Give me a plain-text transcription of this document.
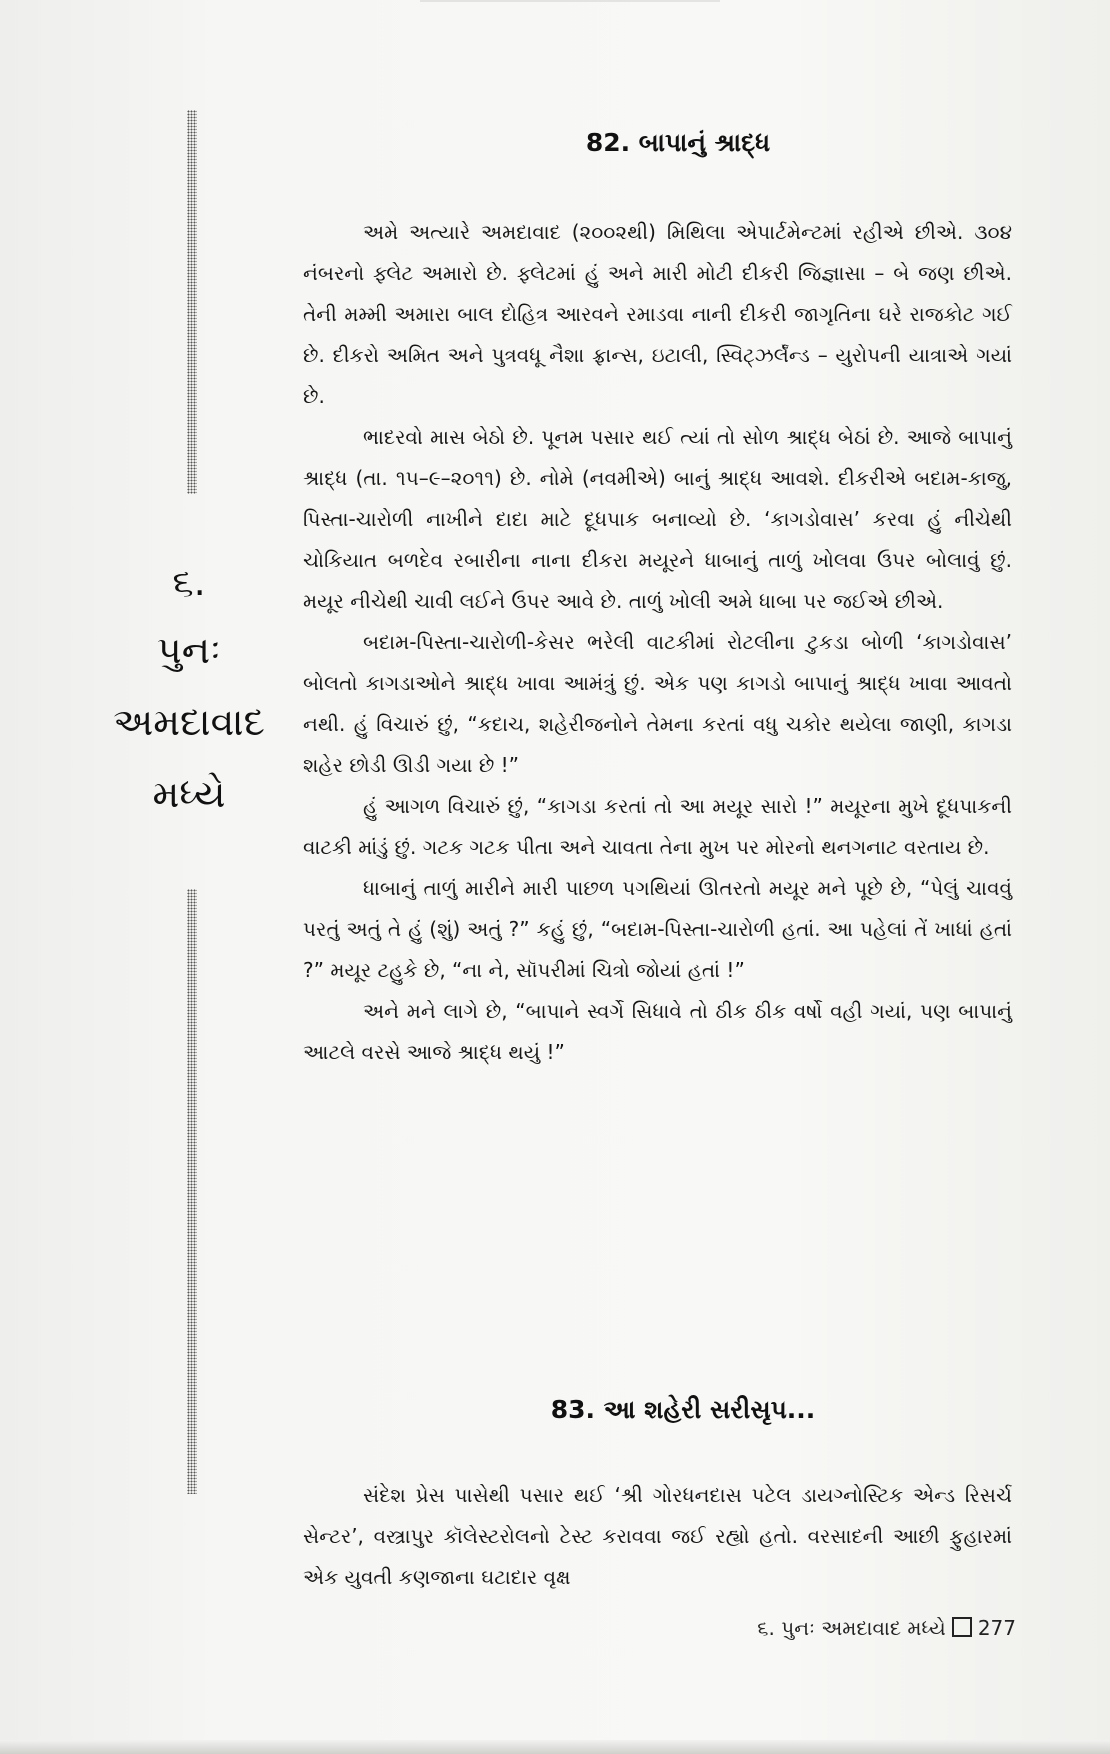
૬.
પુનઃ
અમદાવાદ
મધ્યે
82. બાપાનું શ્રાદ્ધ

અમે અત્યારે અમદાવાદ (૨૦૦૨થી) મિથિલા એપાર્ટમેન્ટમાં રહીએ છીએ. ૩૦૪ નંબરનો ફ્લેટ અમારો છે. ફ્લેટમાં હું અને મારી મોટી દીકરી જિજ્ઞાસા – બે જણ છીએ. તેની મમ્મી અમારા બાલ દોહિત્ર આરવને રમાડવા નાની દીકરી જાગૃતિના ઘરે રાજકોટ ગઈ છે. દીકરો અમિત અને પુત્રવધૂ નૈશા ફ્રાન્સ, ઇટાલી, સ્વિટ્ઝર્લૅન્ડ – યુરોપની યાત્રાએ ગયાં છે.

ભાદરવો માસ બેઠો છે. પૂનમ પસાર થઈ ત્યાં તો સોળ શ્રાદ્ધ બેઠાં છે. આજે બાપાનું શ્રાદ્ધ (તા. ૧૫–૯–૨૦૧૧) છે. નોમે (નવમીએ) બાનું શ્રાદ્ધ આવશે. દીકરીએ બદામ-કાજુ, પિસ્તા-ચારોળી નાખીને દાદા માટે દૂધપાક બનાવ્યો છે. ‘કાગડોવાસ’ કરવા હું નીચેથી ચોકિયાત બળદેવ રબારીના નાના દીકરા મયૂરને ધાબાનું તાળું ખોલવા ઉપર બોલાવું છું. મયૂર નીચેથી ચાવી લઈને ઉપર આવે છે. તાળું ખોલી અમે ધાબા પર જઈએ છીએ.

બદામ-પિસ્તા-ચારોળી-કેસર ભરેલી વાટકીમાં રોટલીના ટુકડા બોળી ‘કાગડોવાસ’ બોલતો કાગડાઓને શ્રાદ્ધ ખાવા આમંત્રું છું. એક પણ કાગડો બાપાનું શ્રાદ્ધ ખાવા આવતો નથી. હું વિચારું છું, “કદાચ, શહેરીજનોને તેમના કરતાં વધુ ચકોર થયેલા જાણી, કાગડા શહેર છોડી ઊડી ગયા છે !”

હું આગળ વિચારું છું, “કાગડા કરતાં તો આ મયૂર સારો !” મયૂરના મુખે દૂધપાકની વાટકી માંડું છું. ગટક ગટક પીતા અને ચાવતા તેના મુખ પર મોરનો થનગનાટ વરતાય છે.

ધાબાનું તાળું મારીને મારી પાછળ પગથિયાં ઊતરતો મયૂર મને પૂછે છે, “પેલું ચાવવું પરતું અતું તે હું (શું) અતું ?” કહું છું, “બદામ-પિસ્તા-ચારોળી હતાં. આ પહેલાં તેં ખાધાં હતાં ?” મયૂર ટહુકે છે, “ના ને, સૉપરીમાં ચિત્રો જોયાં હતાં !”

અને મને લાગે છે, “બાપાને સ્વર્ગે સિધાવે તો ઠીક ઠીક વર્ષો વહી ગયાં, પણ બાપાનું આટલે વરસે આજે શ્રાદ્ધ થયું !”

83. આ શહેરી સરીસૃપ...

સંદેશ પ્રેસ પાસેથી પસાર થઈ ‘શ્રી ગોરધનદાસ પટેલ ડાયગ્નોસ્ટિક એન્ડ રિસર્ચ સેન્ટર’, વસ્ત્રાપુર કૉલેસ્ટરોલનો ટેસ્ટ કરાવવા જઈ રહ્યો હતો. વરસાદની આછી ફુહારમાં એક યુવતી કણજાના ઘટાદાર વૃક્ષ

૬. પુનઃ અમદાવાદ મધ્યે 277
